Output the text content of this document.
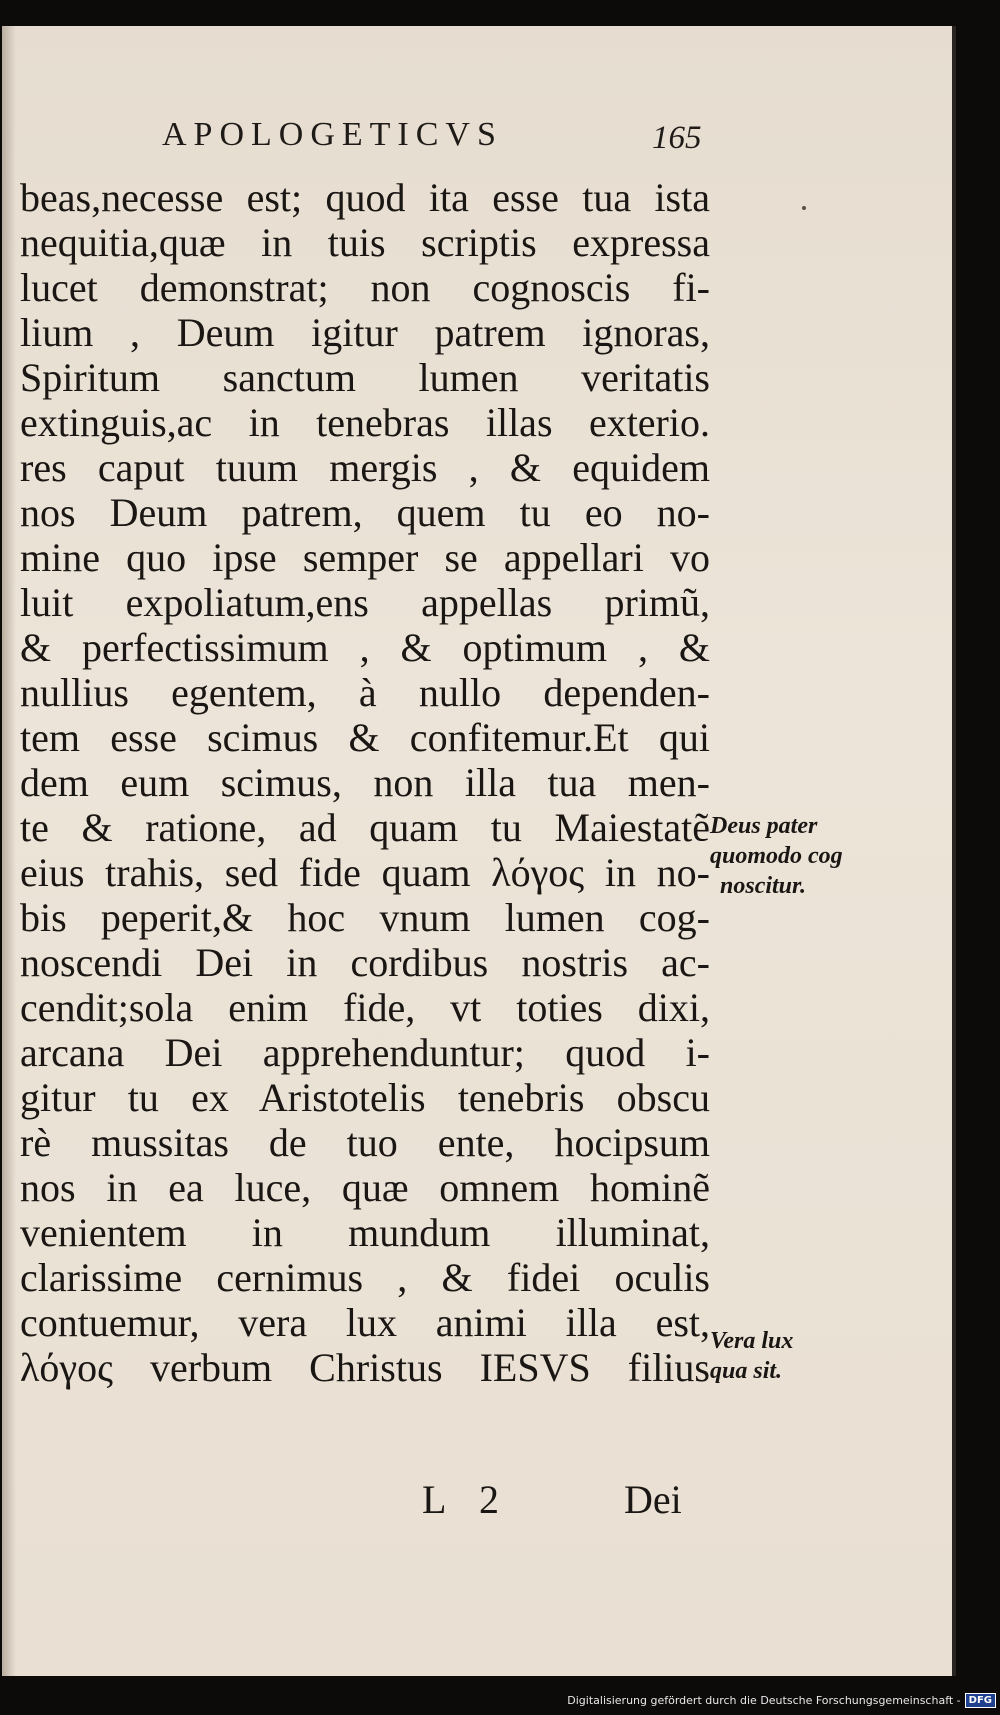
APOLOGETICVS	165
beas,necesse est; quod ita esse tua ista
nequitia,quæ in tuis scriptis expressa
lucet demonstrat; non cognoscis fi-
lium , Deum igitur patrem ignoras,
Spiritum sanctum lumen veritatis
extinguis,ac in tenebras illas exterio.
res caput tuum mergis , & equidem
nos Deum patrem, quem tu eo no-
mine quo ipse semper se appellari vo
luit expoliatum,ens appellas primũ,
& perfectissimum , & optimum , &
nullius egentem, à nullo dependen-
tem esse scimus & confitemur.Et qui
dem eum scimus, non illa tua men-
te & ratione, ad quam tu Maiestatẽ
eius trahis, sed fide quam λόγος in no-
bis peperit,& hoc vnum lumen cog-
noscendi Dei in cordibus nostris ac-
cendit;sola enim fide, vt toties dixi,
arcana Dei apprehenduntur; quod i-
gitur tu ex Aristotelis tenebris obscu
rè mussitas de tuo ente, hocipsum
nos in ea luce, quæ omnem hominẽ
venientem in mundum illuminat,
clarissime cernimus , & fidei oculis
contuemur, vera lux animi illa est,
λόγος verbum Christus IESVS filius
Deus pater
quomodo cog
noscitur.
Vera lux
qua sit.
L 2	Dei
Digitalisierung gefördert durch die Deutsche Forschungsgemeinschaft - DFG
